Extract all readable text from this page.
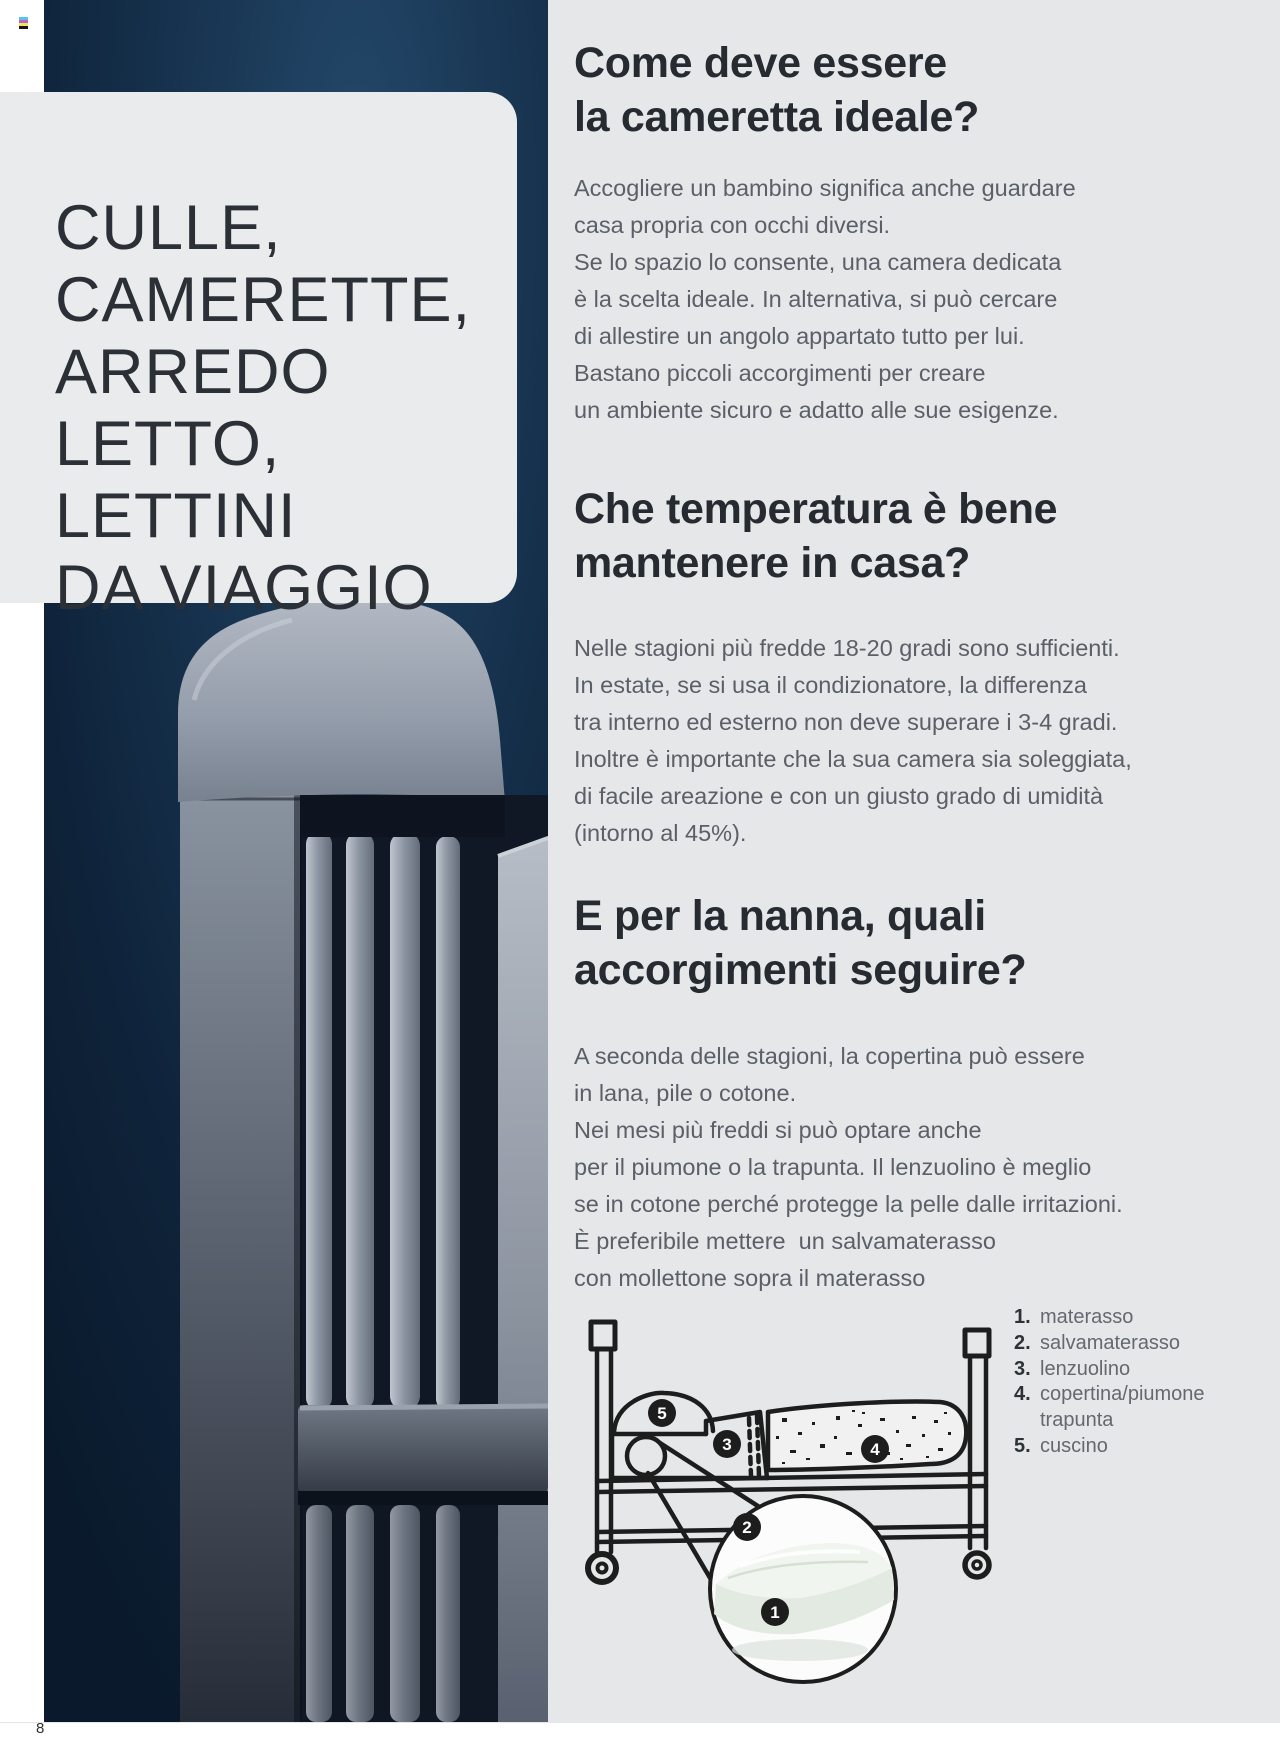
CULLE,
CAMERETTE,
ARREDO
LETTO,
LETTINI
DA VIAGGIO
Come deve essere
la cameretta ideale?
Accogliere un bambino significa anche guardare
casa propria con occhi diversi.
Se lo spazio lo consente, una camera dedicata
è la scelta ideale. In alternativa, si può cercare
di allestire un angolo appartato tutto per lui.
Bastano piccoli accorgimenti per creare
un ambiente sicuro e adatto alle sue esigenze.
Che temperatura è bene
mantenere in casa?
Nelle stagioni più fredde 18-20 gradi sono sufficienti.
In estate, se si usa il condizionatore, la differenza
tra interno ed esterno non deve superare i 3-4 gradi.
Inoltre è importante che la sua camera sia soleggiata,
di facile areazione e con un giusto grado di umidità
(intorno al 45%).
E per la nanna, quali
accorgimenti seguire?
A seconda delle stagioni, la copertina può essere
in lana, pile o cotone.
Nei mesi più freddi si può optare anche
per il piumone o la trapunta. Il lenzuolino è meglio
se in cotone perché protegge la pelle dalle irritazioni.
È preferibile mettere  un salvamaterasso
con mollettone sopra il materasso
5
3	4
2
1
1. materasso
2. salvamaterasso
3. lenzuolino
4. copertina/piumone
trapunta
5. cuscino
8
